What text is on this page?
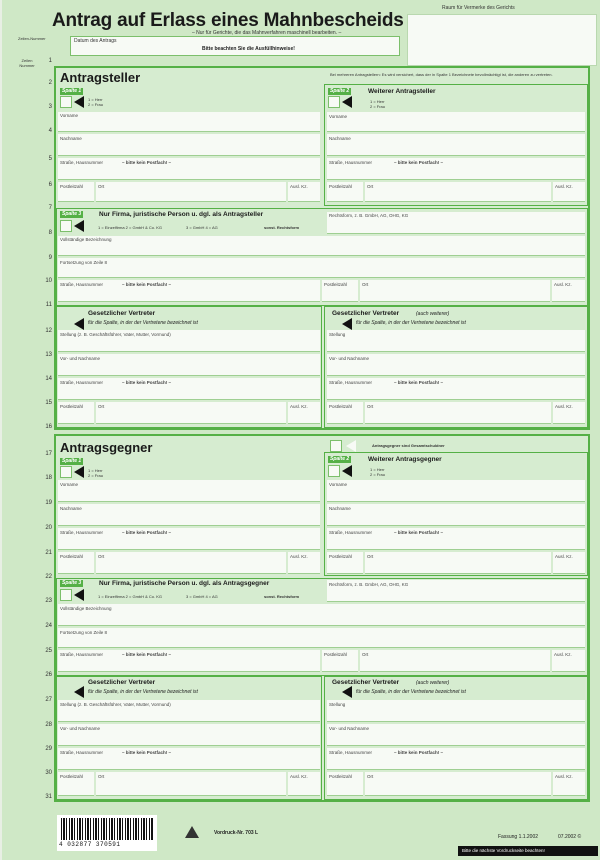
Antrag auf Erlass eines Mahnbescheids
– Nur für Gerichte, die das Mahnverfahren maschinell bearbeiten. –
Raum für Vermerke des Gerichts
Zeilen-Nummer	Datum des Antrags
Bitte beachten Sie die Ausfüllhinweise!
Zeilen Nummer
1
2
3
4
5
6
7
8
9
10
11
12
13
14
15
16
17
18
19
20
21
22
23
24
25
26
27
28
29
30
31
Antragsteller
Spalte 1
1 = Herr
2 = Frau
Vorname
Nachname
Straße, Hausnummer	– bitte kein Postfach! –
Postleitzahl	Ort	Ausl. Kz.
Bei mehreren Antragstellern: Es wird versichert, dass der in Spalte 1 Bezeichnete bevollmächtigt ist, die anderen zu vertreten.
Spalte 2	Weiterer Antragsteller
1 = Herr
2 = Frau
Vorname
Nachname
Straße, Hausnummer	– bitte kein Postfach! –
Postleitzahl	Ort	Ausl. Kz.
Spalte 3	Nur Firma, juristische Person u. dgl. als Antragsteller
1 = Einzelfirma 2 = GmbH & Co. KG	3 = GmbH 4 = AG	sonst. Rechtsform
Rechtsform, z. B. GmbH, AG, OHG, KG
Vollständige Bezeichnung
Fortsetzung von Zeile 8
Straße, Hausnummer	– bitte kein Postfach! –	Postleitzahl	Ort	Ausl. Kz.
Gesetzlicher Vertreter
für die Spalte, in der der Vertretene bezeichnet ist
Stellung (z. B. Geschäftsführer, Vater, Mutter, Vormund)
Vor- und Nachname
Straße, Hausnummer	– bitte kein Postfach! –
Postleitzahl	Ort	Ausl. Kz.
Gesetzlicher Vertreter	(auch weiterer)
für die Spalte, in der der Vertretene bezeichnet ist
Stellung
Vor- und Nachname
Straße, Hausnummer	– bitte kein Postfach! –
Postleitzahl	Ort	Ausl. Kz.
Antragsgegner	Antragsgegner sind Gesamtschuldner
Spalte 1
1 = Herr
2 = Frau
Vorname
Nachname
Straße, Hausnummer	– bitte kein Postfach! –
Postleitzahl	Ort	Ausl. Kz.
Spalte 2	Weiterer Antragsgegner
1 = Herr
2 = Frau
Vorname
Nachname
Straße, Hausnummer	– bitte kein Postfach! –
Postleitzahl	Ort	Ausl. Kz.
Spalte 3	Nur Firma, juristische Person u. dgl. als Antragsgegner
1 = Einzelfirma 2 = GmbH & Co. KG	3 = GmbH 4 = AG	sonst. Rechtsform
Rechtsform, z. B. GmbH, AG, OHG, KG
Vollständige Bezeichnung
Fortsetzung von Zeile 8
Straße, Hausnummer	– bitte kein Postfach! –	Postleitzahl	Ort	Ausl. Kz.
Gesetzlicher Vertreter
für die Spalte, in der der Vertretene bezeichnet ist
Stellung (z. B. Geschäftsführer, Vater, Mutter, Vormund)
Vor- und Nachname
Straße, Hausnummer	– bitte kein Postfach! –
Postleitzahl	Ort	Ausl. Kz.
Gesetzlicher Vertreter	(auch weiterer)
für die Spalte, in der der Vertretene bezeichnet ist
Stellung
Vor- und Nachname
Straße, Hausnummer	– bitte kein Postfach! –
Postleitzahl	Ort	Ausl. Kz.
4 032877 370591
Vordruck-Nr. 703 L
Fassung 1.1.2002	07.2002 ©
Bitte die nächste Vordruckseite beachten!
